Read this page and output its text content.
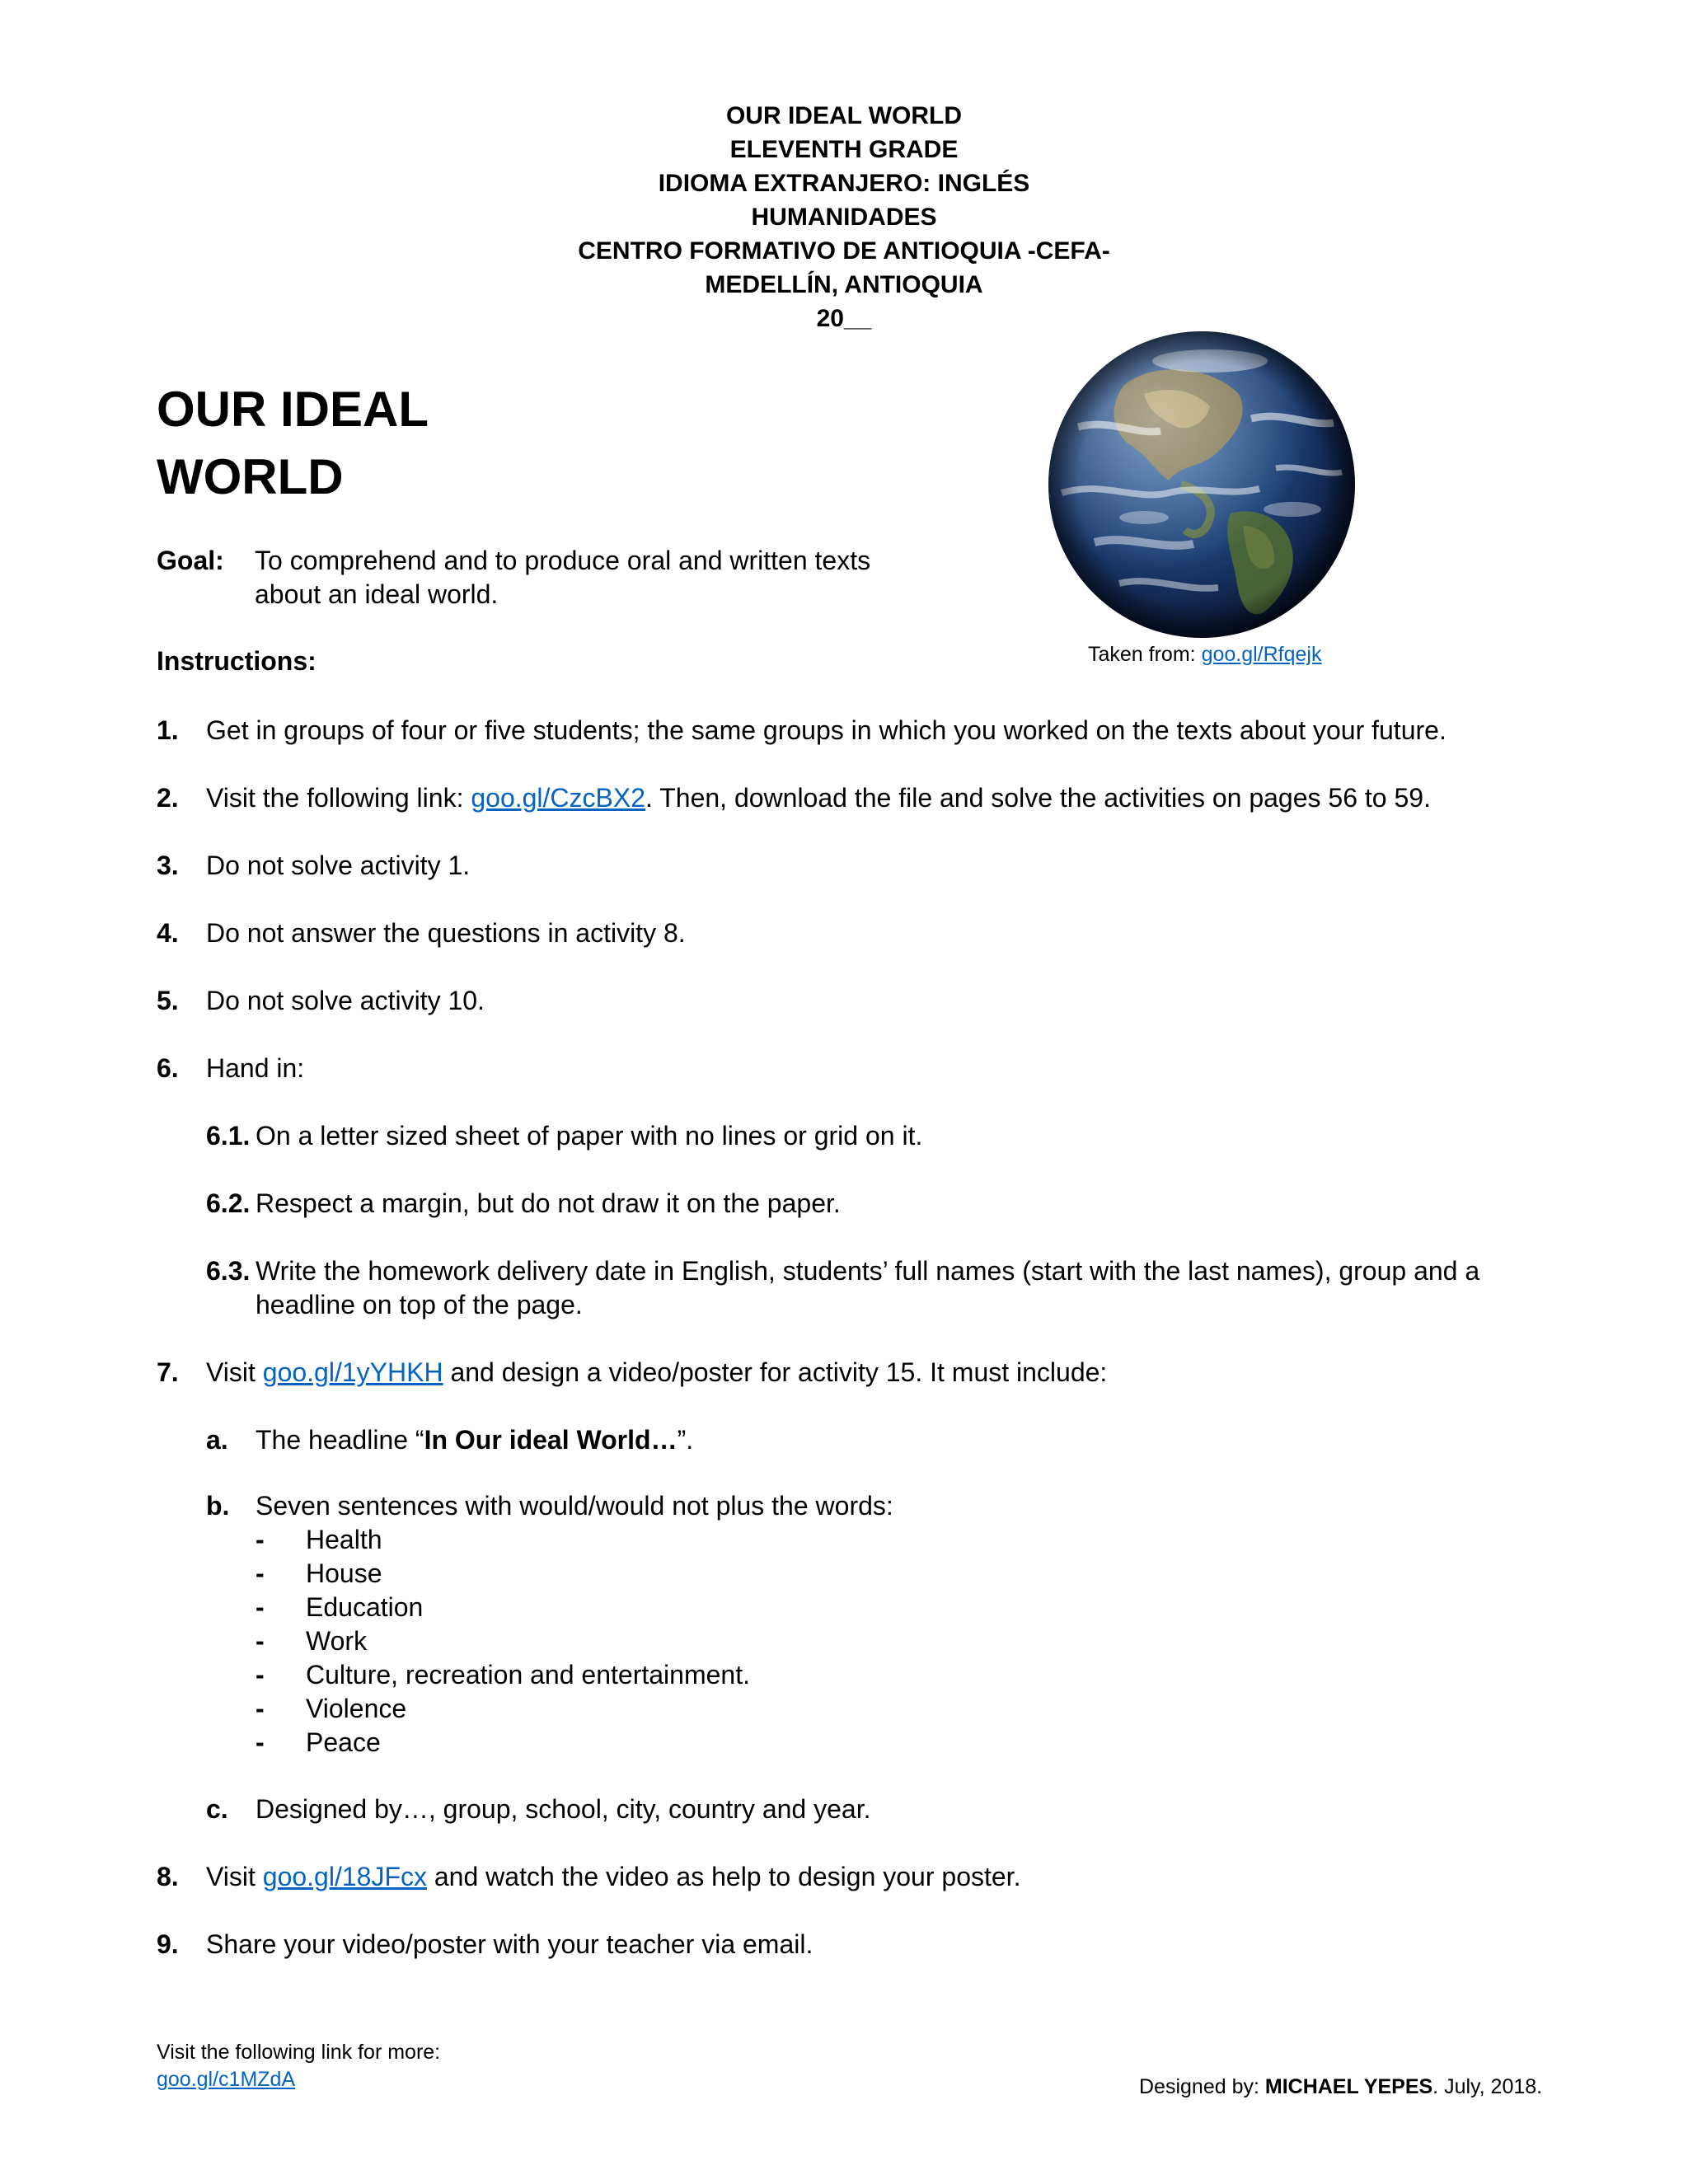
OUR IDEAL WORLD
ELEVENTH GRADE
IDIOMA EXTRANJERO: INGLÉS
HUMANIDADES
CENTRO FORMATIVO DE ANTIOQUIA -CEFA-
MEDELLÍN, ANTIOQUIA
20__
OUR IDEAL
WORLD
Goal: To comprehend and to produce oral and written texts about an ideal world.
Taken from: goo.gl/Rfqejk
Instructions:
1. Get in groups of four or five students; the same groups in which you worked on the texts about your future.
2. Visit the following link: goo.gl/CzcBX2. Then, download the file and solve the activities on pages 56 to 59.
3. Do not solve activity 1.
4. Do not answer the questions in activity 8.
5. Do not solve activity 10.
6. Hand in:
6.1. On a letter sized sheet of paper with no lines or grid on it.
6.2. Respect a margin, but do not draw it on the paper.
6.3. Write the homework delivery date in English, students’ full names (start with the last names), group and a headline on top of the page.
7. Visit goo.gl/1yYHKH and design a video/poster for activity 15. It must include:
a. The headline “In Our ideal World…”.
b. Seven sentences with would/would not plus the words:
- Health
- House
- Education
- Work
- Culture, recreation and entertainment.
- Violence
- Peace
c. Designed by…, group, school, city, country and year.
8. Visit goo.gl/18JFcx and watch the video as help to design your poster.
9. Share your video/poster with your teacher via email.
Visit the following link for more:
goo.gl/c1MZdA	Designed by: MICHAEL YEPES. July, 2018.
